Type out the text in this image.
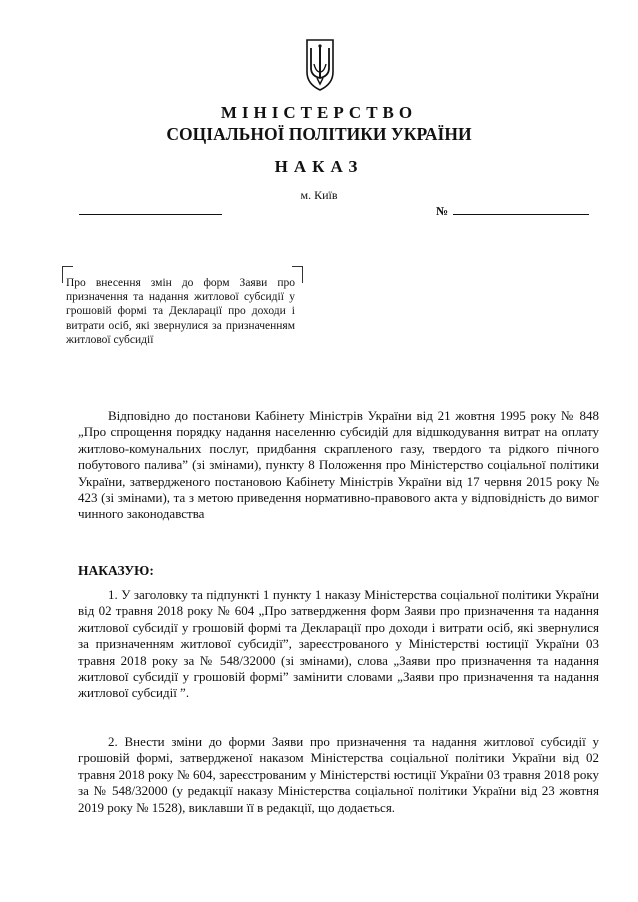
МІНІСТЕРСТВО
СОЦІАЛЬНОЇ ПОЛІТИКИ УКРАЇНИ
НАКАЗ
м. Київ
№
Про внесення змін до форм Заяви про призначення та надання житлової субсидії у грошовій формі та Декларації про доходи і витрати осіб, які звернулися за призначенням житлової субсидії
Відповідно до постанови Кабінету Міністрів України від 21 жовтня 1995 року № 848 „Про спрощення порядку надання населенню субсидій для відшкодування витрат на оплату житлово-комунальних послуг, придбання скрапленого газу, твердого та рідкого пічного побутового палива” (зі змінами), пункту 8 Положення про Міністерство соціальної політики України, затвердженого постановою Кабінету Міністрів України від 17 червня 2015 року № 423 (зі змінами), та з метою приведення нормативно-правового акта у відповідність до вимог чинного законодавства
НАКАЗУЮ:
1. У заголовку та підпункті 1 пункту 1 наказу Міністерства соціальної політики України від 02 травня 2018 року № 604 „Про затвердження форм Заяви про призначення та надання житлової субсидії у грошовій формі та Декларації про доходи і витрати осіб, які звернулися за призначенням житлової субсидії”, зареєстрованого у Міністерстві юстиції України 03 травня 2018 року за № 548/32000 (зі змінами), слова „Заяви про призначення та надання житлової субсидії у грошовій формі” замінити словами „Заяви про призначення та надання житлової субсидії ”.
2. Внести зміни до форми Заяви про призначення та надання житлової субсидії у грошовій формі, затвердженої наказом Міністерства соціальної політики України від 02 травня 2018 року № 604, зареєстрованим у Міністерстві юстиції України 03 травня 2018 року за № 548/32000 (у редакції наказу Міністерства соціальної політики України від 23 жовтня 2019 року № 1528), виклавши її в редакції, що додається.
